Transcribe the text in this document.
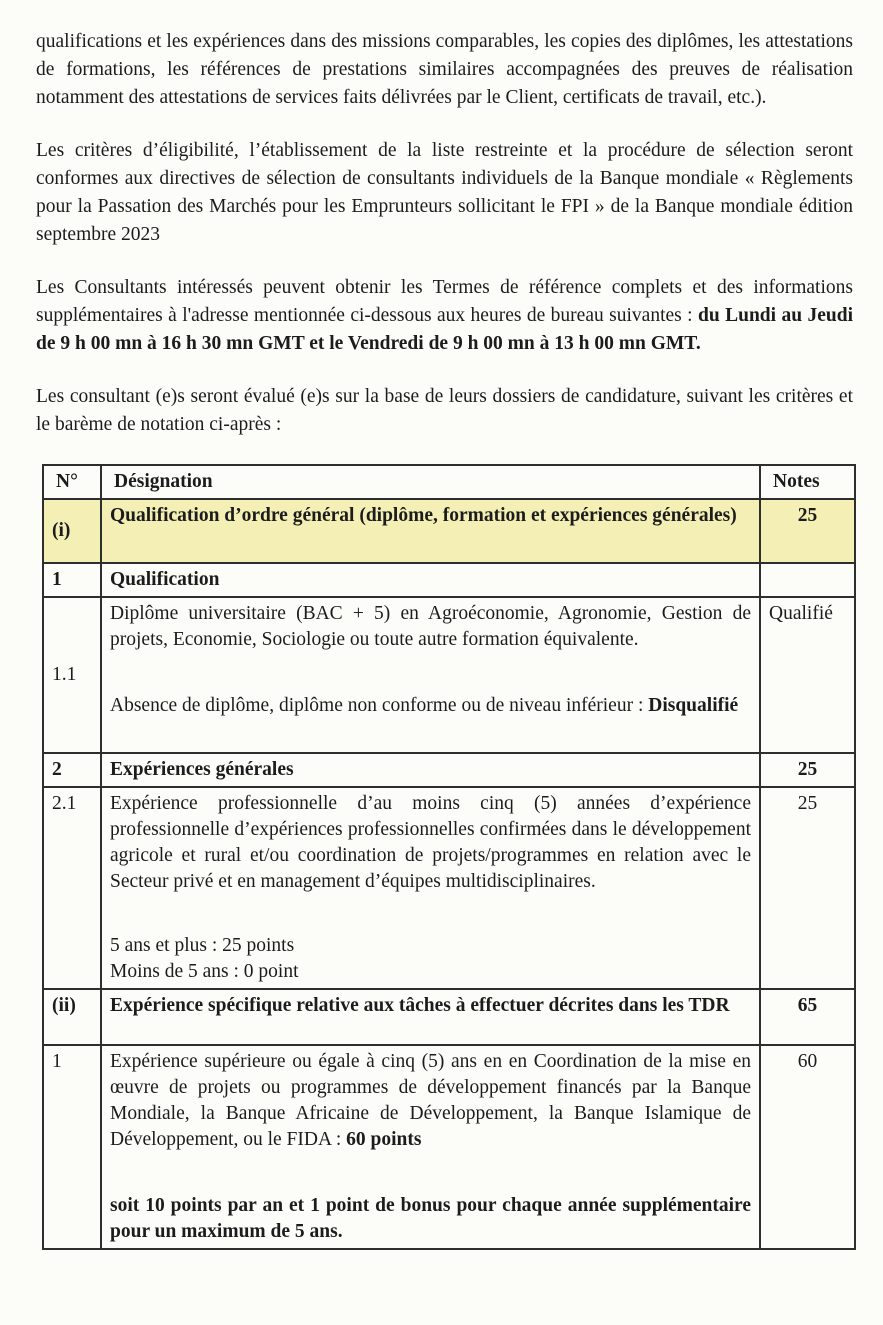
qualifications et les expériences dans des missions comparables, les copies des diplômes, les attestations de formations, les références de prestations similaires accompagnées des preuves de réalisation notamment des attestations de services faits délivrées par le Client, certificats de travail, etc.).

Les critères d’éligibilité, l’établissement de la liste restreinte et la procédure de sélection seront conformes aux directives de sélection de consultants individuels de la Banque mondiale « Règlements pour la Passation des Marchés pour les Emprunteurs sollicitant le FPI » de la Banque mondiale édition septembre 2023

Les Consultants intéressés peuvent obtenir les Termes de référence complets et des informations supplémentaires à l'adresse mentionnée ci-dessous aux heures de bureau suivantes : du Lundi au Jeudi de 9 h 00 mn à 16 h 30 mn GMT et le Vendredi de 9 h 00 mn à 13 h 00 mn GMT.

Les consultant (e)s seront évalué (e)s sur la base de leurs dossiers de candidature, suivant les critères et le barème de notation ci-après :

N°	Désignation	Notes
(i)	Qualification d’ordre général (diplôme, formation et expériences générales)	25
1	Qualification	
1.1	Diplôme universitaire (BAC + 5) en Agroéconomie, Agronomie, Gestion de projets, Economie, Sociologie ou toute autre formation équivalente.

Absence de diplôme, diplôme non conforme ou de niveau inférieur : Disqualifié	Qualifié
2	Expériences générales	25
2.1	Expérience professionnelle d’au moins cinq (5) années d’expérience professionnelle d’expériences professionnelles confirmées dans le développement agricole et rural et/ou coordination de projets/programmes en relation avec le Secteur privé et en management d’équipes multidisciplinaires.

5 ans et plus : 25 points

Moins de 5 ans : 0 point	25
(ii)	Expérience spécifique relative aux tâches à effectuer décrites dans les TDR	65
1	Expérience supérieure ou égale à cinq (5) ans en en Coordination de la mise en œuvre de projets ou programmes de développement financés par la Banque Mondiale, la Banque Africaine de Développement, la Banque Islamique de Développement, ou le FIDA : 60 points

soit 10 points par an et 1 point de bonus pour chaque année supplémentaire pour un maximum de 5 ans.	60
